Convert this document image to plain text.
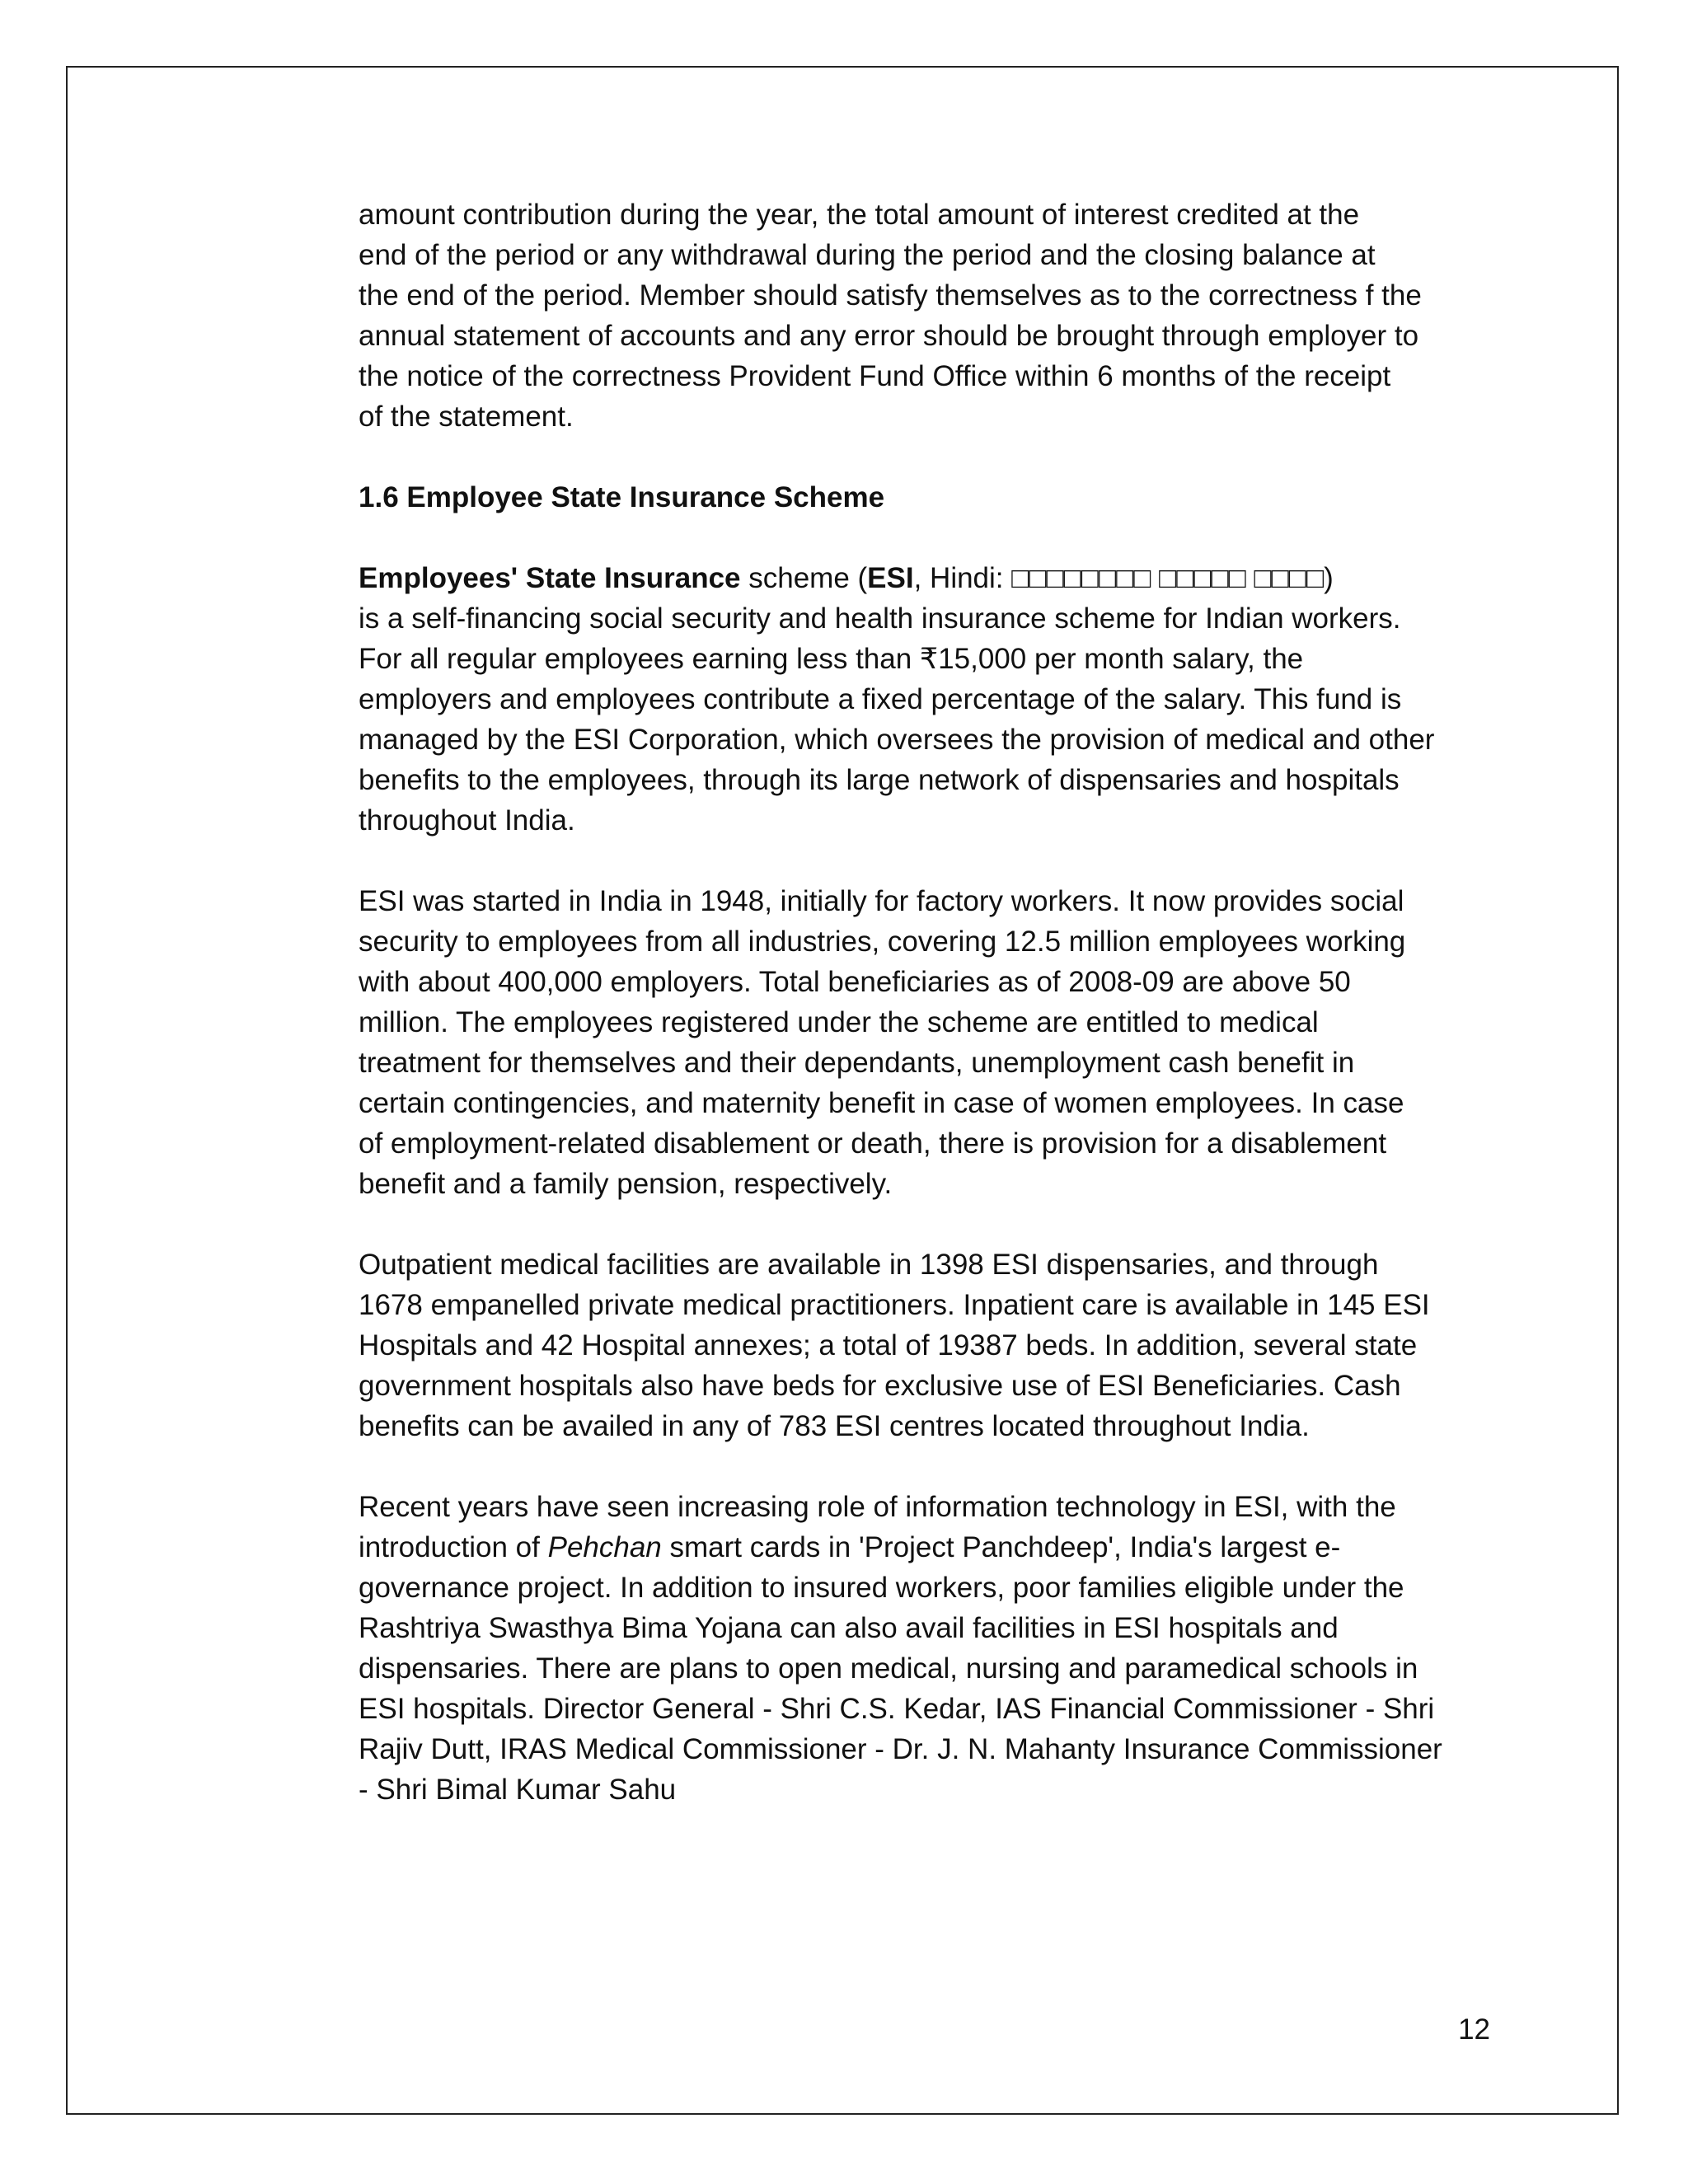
amount contribution during the year, the total amount of interest credited at the
end of the period or any withdrawal during the period and the closing balance at
the end of the period. Member should satisfy themselves as to the correctness f the
annual statement of accounts and any error should be brought through employer to
the notice of the correctness Provident Fund Office within 6 months of the receipt
of the statement.

1.6 Employee State Insurance Scheme

Employees' State Insurance scheme (ESI, Hindi: □□□□□□□□ □□□□□ □□□□)
is a self-financing social security and health insurance scheme for Indian workers.
For all regular employees earning less than ₹15,000 per month salary, the
employers and employees contribute a fixed percentage of the salary. This fund is
managed by the ESI Corporation, which oversees the provision of medical and other
benefits to the employees, through its large network of dispensaries and hospitals
throughout India.

ESI was started in India in 1948, initially for factory workers. It now provides social
security to employees from all industries, covering 12.5 million employees working
with about 400,000 employers. Total beneficiaries as of 2008-09 are above 50
million. The employees registered under the scheme are entitled to medical
treatment for themselves and their dependants, unemployment cash benefit in
certain contingencies, and maternity benefit in case of women employees. In case
of employment-related disablement or death, there is provision for a disablement
benefit and a family pension, respectively.

Outpatient medical facilities are available in 1398 ESI dispensaries, and through
1678 empanelled private medical practitioners. Inpatient care is available in 145 ESI
Hospitals and 42 Hospital annexes; a total of 19387 beds. In addition, several state
government hospitals also have beds for exclusive use of ESI Beneficiaries. Cash
benefits can be availed in any of 783 ESI centres located throughout India.

Recent years have seen increasing role of information technology in ESI, with the
introduction of Pehchan smart cards in 'Project Panchdeep', India's largest e-
governance project. In addition to insured workers, poor families eligible under the
Rashtriya Swasthya Bima Yojana can also avail facilities in ESI hospitals and
dispensaries. There are plans to open medical, nursing and paramedical schools in
ESI hospitals. Director General - Shri C.S. Kedar, IAS Financial Commissioner - Shri
Rajiv Dutt, IRAS Medical Commissioner - Dr. J. N. Mahanty Insurance Commissioner
- Shri Bimal Kumar Sahu

12
